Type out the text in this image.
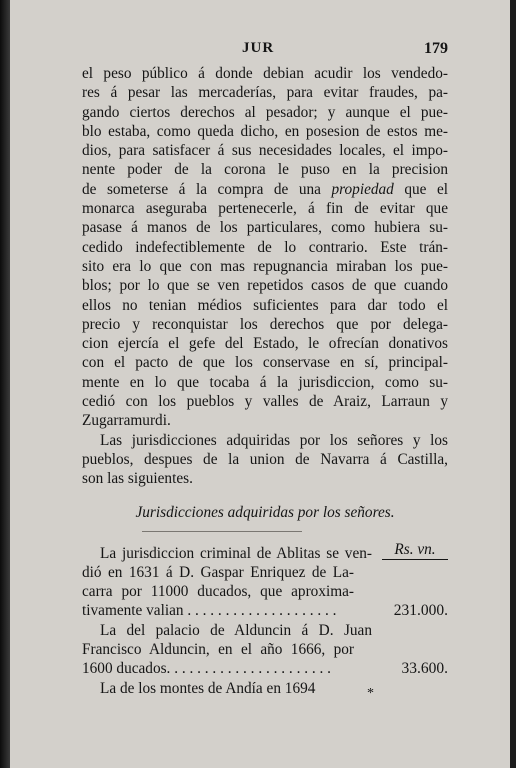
JUR	179
el peso público á donde debian acudir los vendedo-
res á pesar las mercaderías, para evitar fraudes, pa-
gando ciertos derechos al pesador; y aunque el pue-
blo estaba, como queda dicho, en posesion de estos me-
dios, para satisfacer á sus necesidades locales, el impo-
nente poder de la corona le puso en la precision
de someterse á la compra de una propiedad que el
monarca aseguraba pertenecerle, á fin de evitar que
pasase á manos de los particulares, como hubiera su-
cedido indefectiblemente de lo contrario. Este trán-
sito era lo que con mas repugnancia miraban los pue-
blos; por lo que se ven repetidos casos de que cuando
ellos no tenian médios suficientes para dar todo el
precio y reconquistar los derechos que por delega-
cion ejercía el gefe del Estado, le ofrecían donativos
con el pacto de que los conservase en sí, principal-
mente en lo que tocaba á la jurisdiccion, como su-
cedió con los pueblos y valles de Araiz, Larraun y
Zugarramurdi.
Las jurisdicciones adquiridas por los señores y los
pueblos, despues de la union de Navarra á Castilla,
son las siguientes.
Jurisdicciones adquiridas por los señores.
Rs. vn.
La jurisdiccion criminal de Ablitas se ven-
dió en 1631 á D. Gaspar Enriquez de La-
carra por 11000 ducados, que aproxima-
tivamente valian . . . . . . . . . . . . . . . . . . . .	231.000.
La del palacio de Alduncin á D. Juan
Francisco Alduncin, en el año 1666, por
1600 ducados. . . . . . . . . . . . . . . . . . . . . .	33.600.
La de los montes de Andía en 1694	*
